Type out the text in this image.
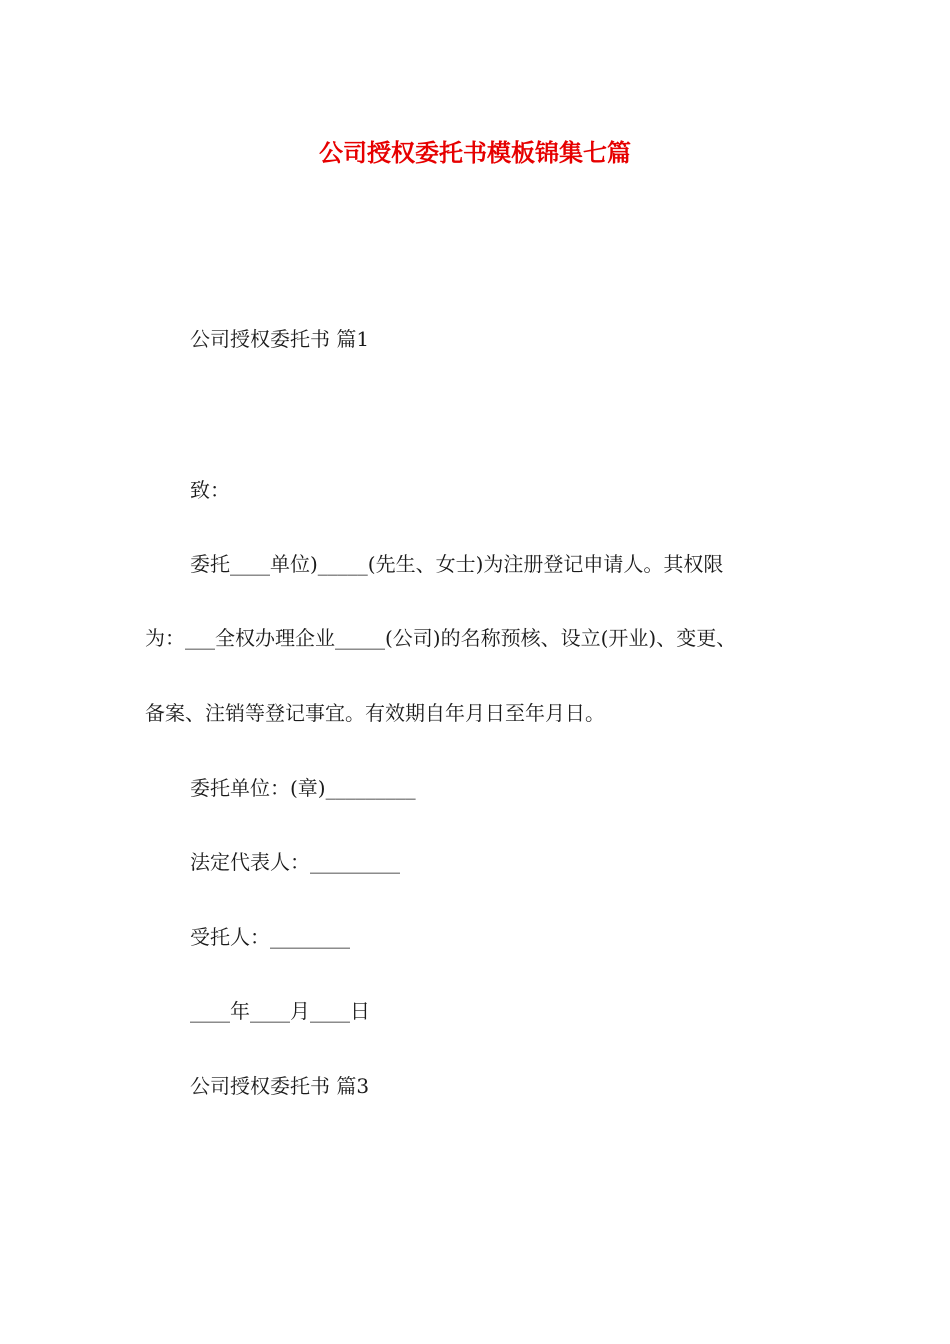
公司授权委托书模板锦集七篇

公司授权委托书 篇1

致：

委托____单位)_____(先生、女士)为注册登记申请人。其权限

为：___全权办理企业_____(公司)的名称预核、设立(开业)、变更、

备案、注销等登记事宜。有效期自年月日至年月日。

委托单位：(章)_________

法定代表人：_________

受托人：________

____年____月____日

公司授权委托书 篇3
